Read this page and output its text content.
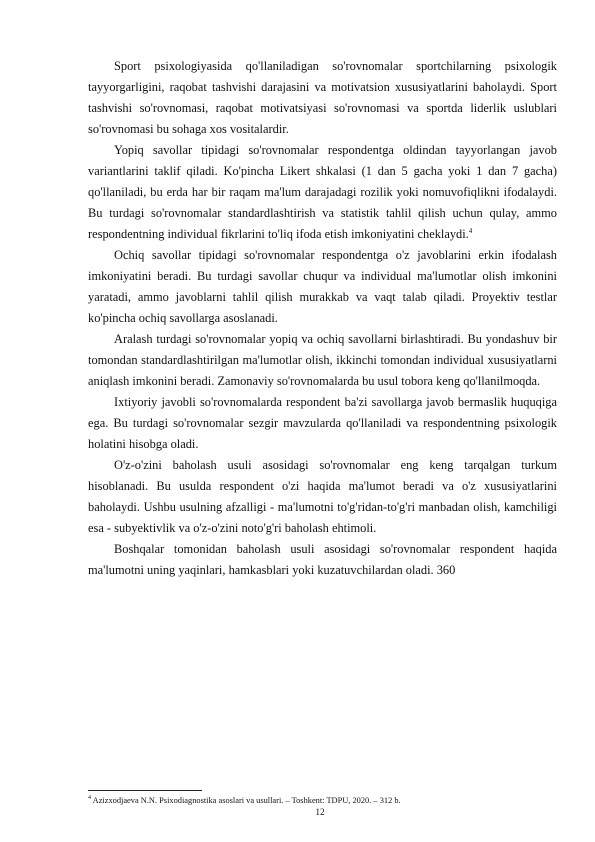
Sport psixologiyasida qo'llaniladigan so'rovnomalar sportchilarning psixologik tayyorgarligini, raqobat tashvishi darajasini va motivatsion xususiyatlarini baholaydi. Sport tashvishi so'rovnomasi, raqobat motivatsiyasi so'rovnomasi va sportda liderlik uslublari so'rovnomasi bu sohaga xos vositalardir.

Yopiq savollar tipidagi so'rovnomalar respondentga oldindan tayyorlangan javob variantlarini taklif qiladi. Ko'pincha Likert shkalasi (1 dan 5 gacha yoki 1 dan 7 gacha) qo'llaniladi, bu erda har bir raqam ma'lum darajadagi rozilik yoki nomuvofiqlikni ifodalaydi. Bu turdagi so'rovnomalar standardlashtirish va statistik tahlil qilish uchun qulay, ammo respondentning individual fikrlarini to'liq ifoda etish imkoniyatini cheklaydi.$^4$

Ochiq savollar tipidagi so'rovnomalar respondentga o'z javoblarini erkin ifodalash imkoniyatini beradi. Bu turdagi savollar chuqur va individual ma'lumotlar olish imkonini yaratadi, ammo javoblarni tahlil qilish murakkab va vaqt talab qiladi. Proyektiv testlar ko'pincha ochiq savollarga asoslanadi.

Aralash turdagi so'rovnomalar yopiq va ochiq savollarni birlashtiradi. Bu yondashuv bir tomondan standardlashtirilgan ma'lumotlar olish, ikkinchi tomondan individual xususiyatlarni aniqlash imkonini beradi. Zamonaviy so'rovnomalarda bu usul tobora keng qo'llanilmoqda.

Ixtiyoriy javobli so'rovnomalarda respondent ba'zi savollarga javob bermaslik huquqiga ega. Bu turdagi so'rovnomalar sezgir mavzularda qo'llaniladi va respondentning psixologik holatini hisobga oladi.

O'z-o'zini baholash usuli asosidagi so'rovnomalar eng keng tarqalgan turkum hisoblanadi. Bu usulda respondent o'zi haqida ma'lumot beradi va o'z xususiyatlarini baholaydi. Ushbu usulning afzalligi - ma'lumotni to'g'ridan-to'g'ri manbadan olish, kamchiligi esa - subyektivlik va o'z-o'zini noto'g'ri baholash ehtimoli.

Boshqalar tomonidan baholash usuli asosidagi so'rovnomalar respondent haqida ma'lumotni uning yaqinlari, hamkasblari yoki kuzatuvchilardan oladi. 360

$^4$ Azizxodjaeva N.N. Psixodiagnostika asoslari va usullari. – Toshkent: TDPU, 2020. – 312 b.
12
